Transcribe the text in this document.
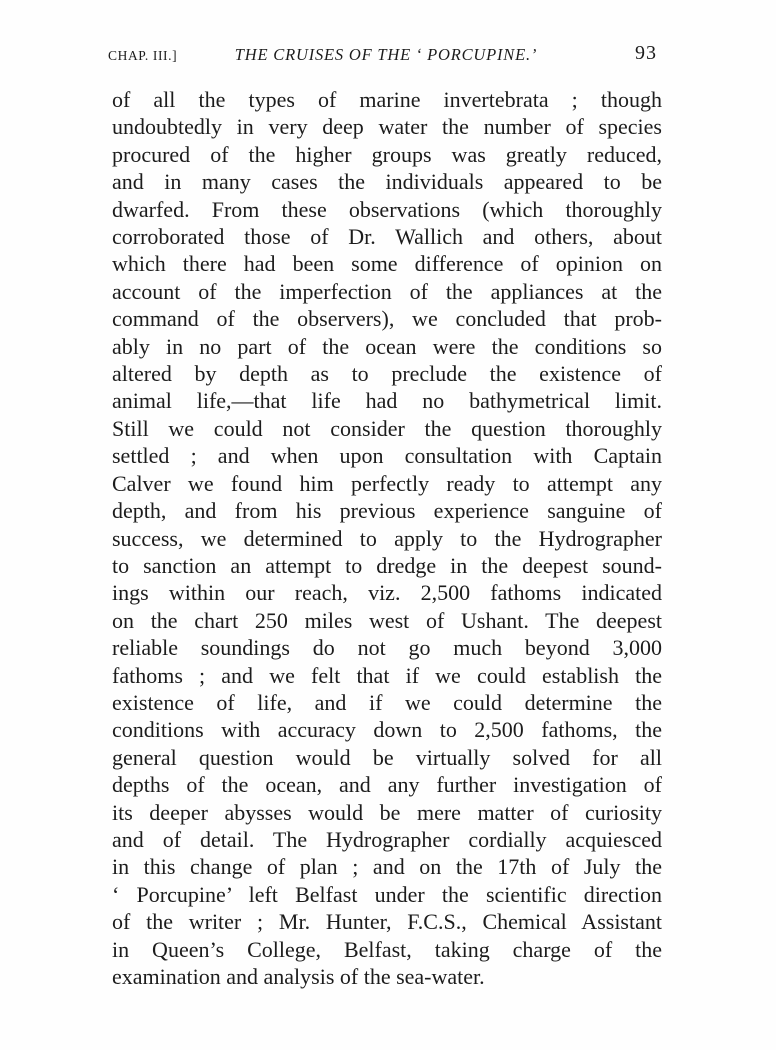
CHAP. III.]	THE CRUISES OF THE ‘ PORCUPINE.’	93
of all the types of marine invertebrata ; though
undoubtedly in very deep water the number of species
procured of the higher groups was greatly reduced,
and in many cases the individuals appeared to be
dwarfed. From these observations (which thoroughly
corroborated those of Dr. Wallich and others, about
which there had been some difference of opinion on
account of the imperfection of the appliances at the
command of the observers), we concluded that prob-
ably in no part of the ocean were the conditions so
altered by depth as to preclude the existence of
animal life,—that life had no bathymetrical limit.
Still we could not consider the question thoroughly
settled ; and when upon consultation with Captain
Calver we found him perfectly ready to attempt any
depth, and from his previous experience sanguine of
success, we determined to apply to the Hydrographer
to sanction an attempt to dredge in the deepest sound-
ings within our reach, viz. 2,500 fathoms indicated
on the chart 250 miles west of Ushant. The deepest
reliable soundings do not go much beyond 3,000
fathoms ; and we felt that if we could establish the
existence of life, and if we could determine the
conditions with accuracy down to 2,500 fathoms, the
general question would be virtually solved for all
depths of the ocean, and any further investigation of
its deeper abysses would be mere matter of curiosity
and of detail. The Hydrographer cordially acquiesced
in this change of plan ; and on the 17th of July the
‘ Porcupine’ left Belfast under the scientific direction
of the writer ; Mr. Hunter, F.C.S., Chemical Assistant
in Queen’s College, Belfast, taking charge of the
examination and analysis of the sea-water.
